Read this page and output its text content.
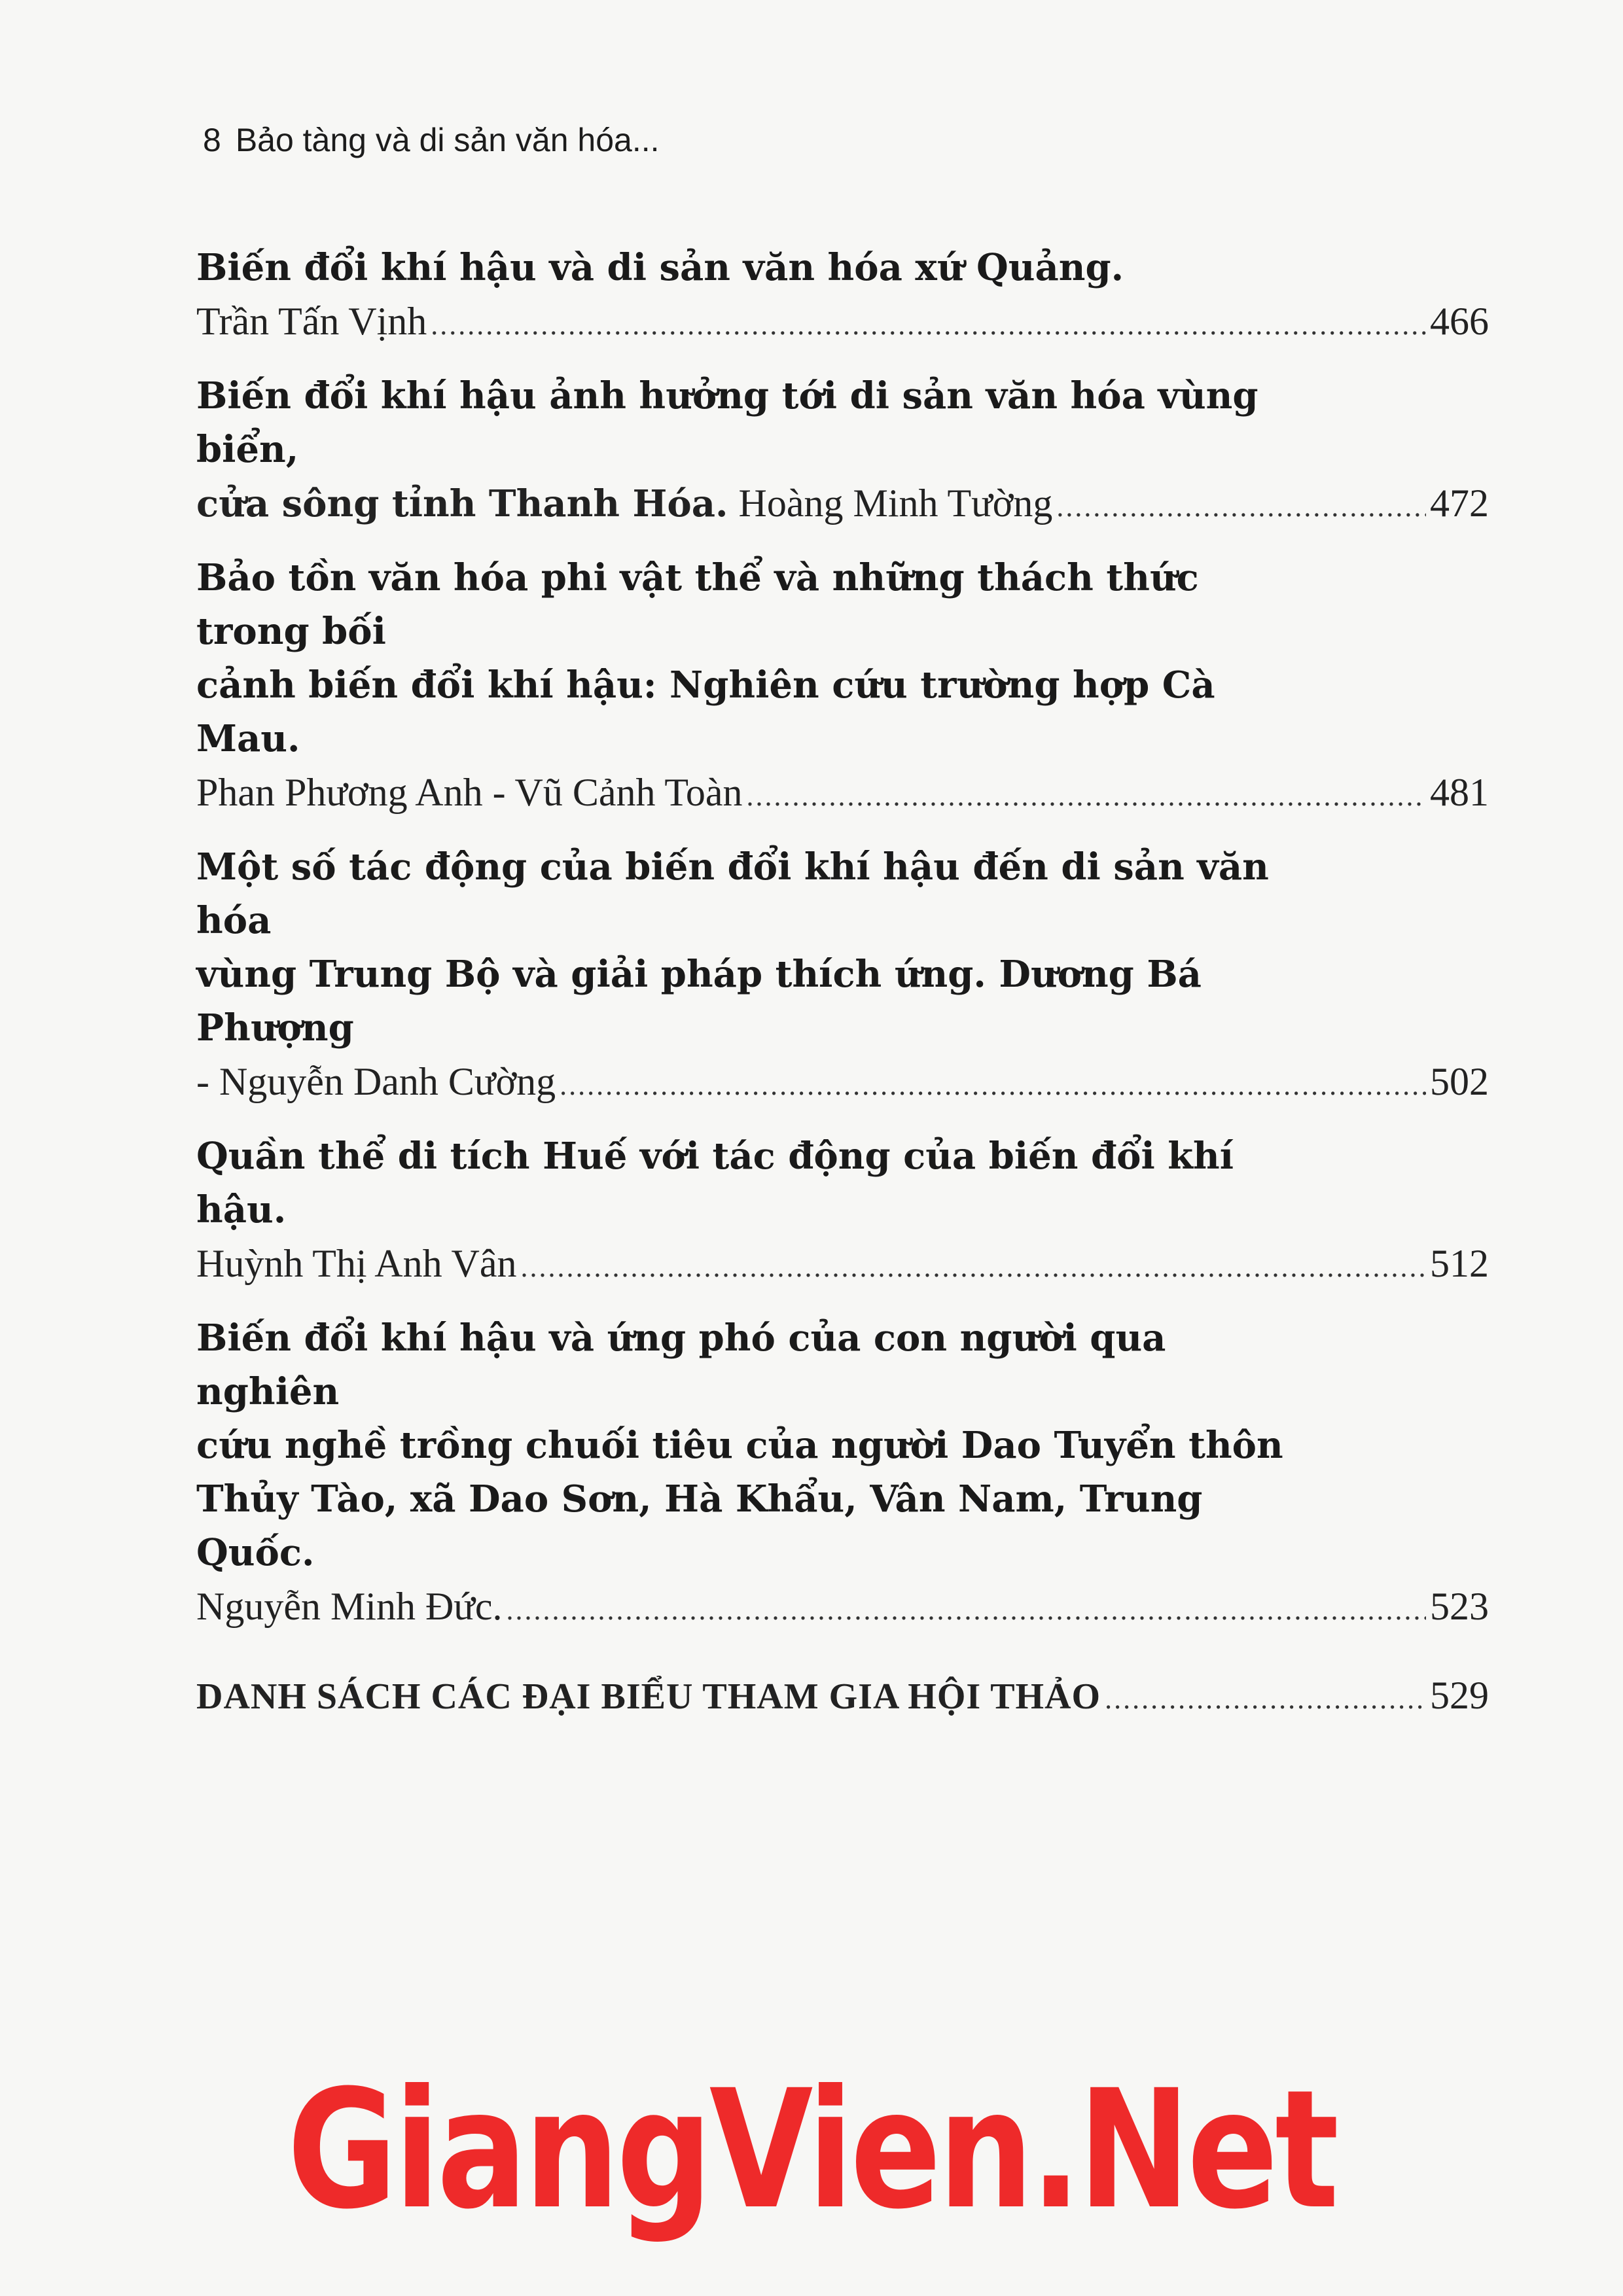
8 Bảo tàng và di sản văn hóa...
Biến đổi khí hậu và di sản văn hóa xứ Quảng.
Trần Tấn Vịnh .....	466
Biến đổi khí hậu ảnh hưởng tới di sản văn hóa vùng biển,
cửa sông tỉnh Thanh Hóa. Hoàng Minh Tường .....	472
Bảo tồn văn hóa phi vật thể và những thách thức trong bối
cảnh biến đổi khí hậu: Nghiên cứu trường hợp Cà Mau.
Phan Phương Anh - Vũ Cảnh Toàn .....	481
Một số tác động của biến đổi khí hậu đến di sản văn hóa
vùng Trung Bộ và giải pháp thích ứng. Dương Bá Phượng
- Nguyễn Danh Cường .....	502
Quần thể di tích Huế với tác động của biến đổi khí hậu.
Huỳnh Thị Anh Vân .....	512
Biến đổi khí hậu và ứng phó của con người qua nghiên
cứu nghề trồng chuối tiêu của người Dao Tuyển thôn
Thủy Tào, xã Dao Sơn, Hà Khẩu, Vân Nam, Trung Quốc.
Nguyễn Minh Đức. .....	523
DANH SÁCH CÁC ĐẠI BIỂU THAM GIA HỘI THẢO .....	529
GiangVien.Net
